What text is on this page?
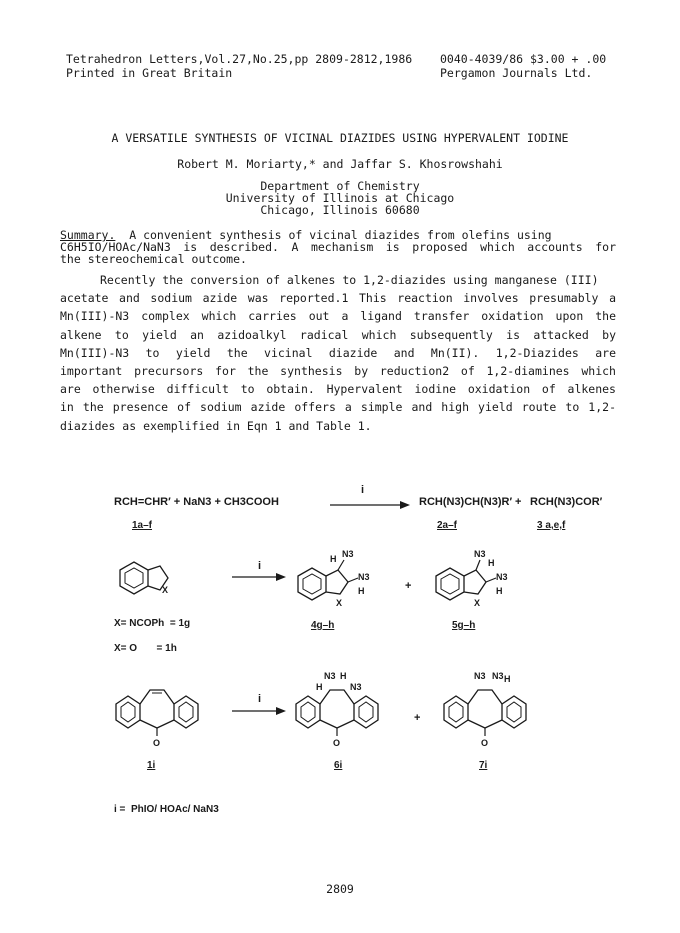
Tetrahedron Letters,Vol.27,No.25,pp 2809-2812,1986 0040-4039/86 $3.00 + .00
Printed in Great Britain	Pergamon Journals Ltd.
A VERSATILE SYNTHESIS OF VICINAL DIAZIDES USING HYPERVALENT IODINE
Robert M. Moriarty,* and Jaffar S. Khosrowshahi
Department of Chemistry
University of Illinois at Chicago
Chicago, Illinois 60680
Summary.  A convenient synthesis of vicinal diazides from olefins using
C6H5IO/HOAc/NaN3 is described. A mechanism is proposed which accounts for
the stereochemical outcome.
Recently the conversion of alkenes to 1,2-diazides using manganese (III)
acetate and sodium azide was reported.1 This reaction involves presumably a
Mn(III)-N3 complex which carries out a ligand transfer oxidation upon the
alkene to yield an azidoalkyl radical which subsequently is attacked by
Mn(III)-N3 to yield the vicinal diazide and Mn(II). 1,2-Diazides are
important precursors for the synthesis by reduction2 of 1,2-diamines which
are otherwise difficult to obtain. Hypervalent iodine oxidation of alkenes
in the presence of sodium azide offers a simple and high yield route to 1,2-
diazides as exemplified in Eqn 1 and Table 1.
RCH=CHR′ + NaN3 + CH3COOH
i
RCH(N3)CH(N3)R′ + RCH(N3)COR′
1a–f	2a–f	3 a,e,f
X
i
N3
H
N3
H
X
+
N3
H
N3
H
X
X= NCOPh  = 1g	4g–h	5g–h
X= O       = 1h
O
i
O
N3 H
H	N3
+
O
N3 N3 H
1i	6i	7i
i =  PhIO/ HOAc/ NaN3
2809
